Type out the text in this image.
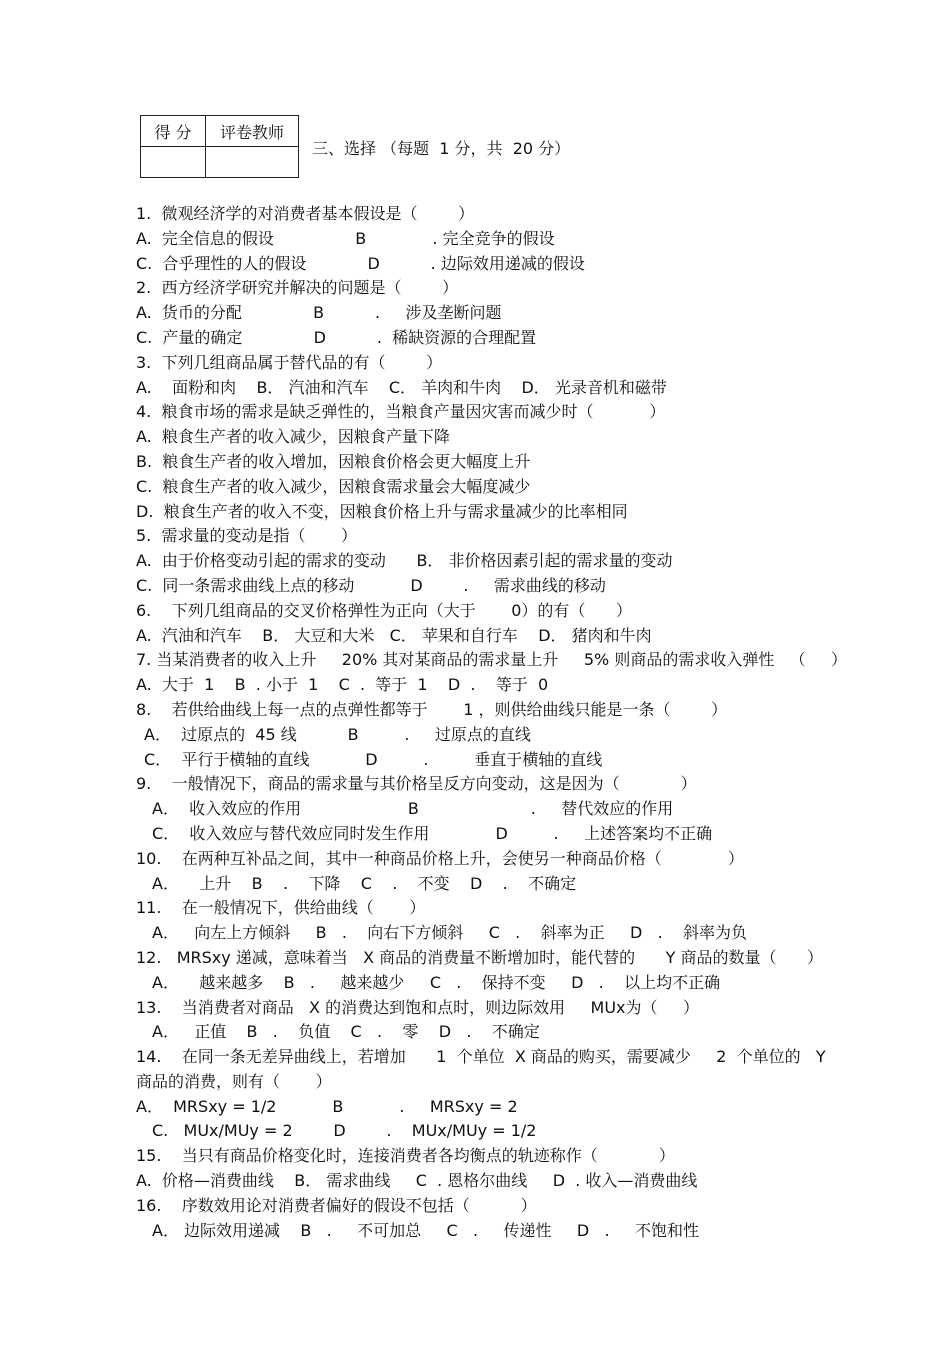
得 分	评卷教师

三、选择 （每题  1 分，共  20 分）
1.  微观经济学的对消费者基本假设是（        ）
A.  完全信息的假设                B             . 完全竞争的假设
C.  合乎理性的人的假设            D          . 边际效用递减的假设
2.  西方经济学研究并解决的问题是（        ）
A.  货币的分配              B          .     涉及垄断问题
C.  产量的确定              D          .  稀缺资源的合理配置
3.  下列几组商品属于替代品的有（        ）
A.    面粉和肉    B． 汽油和汽车    C． 羊肉和牛肉    D． 光录音机和磁带
4.  粮食市场的需求是缺乏弹性的，当粮食产量因灾害而减少时（           ）
A.  粮食生产者的收入减少，因粮食产量下降
B.  粮食生产者的收入增加，因粮食价格会更大幅度上升
C.  粮食生产者的收入减少，因粮食需求量会大幅度减少
D.  粮食生产者的收入不变，因粮食价格上升与需求量减少的比率相同
5.  需求量的变动是指（       ）
A.  由于价格变动引起的需求的变动      B． 非价格因素引起的需求量的变动
C.  同一条需求曲线上点的移动           D        .     需求曲线的移动
6.    下列几组商品的交叉价格弹性为正向（大于       0）的有（      ）
A.  汽油和汽车    B． 大豆和大米   C． 苹果和自行车    D． 猪肉和牛肉
7. 当某消费者的收入上升     20% 其对某商品的需求量上升     5% 则商品的需求收入弹性   （     ）
A.  大于  1    B  . 小于  1    C  .  等于  1    D  .    等于  0
8.    若供给曲线上每一点的点弹性都等于       1 ，则供给曲线只能是一条（        ）
A．  过原点的  45 线          B         .     过原点的直线
C．  平行于横轴的直线           D         .         垂直于横轴的直线
9.    一般情况下，商品的需求量与其价格呈反方向变动，这是因为（            ）
A．  收入效应的作用                     B                      .     替代效应的作用
C．  收入效应与替代效应同时发生作用             D         .     上述答案均不正确
10.    在两种互补品之间，其中一种商品价格上升，会使另一种商品价格（             ）
A．    上升    B    .    下降    C    .    不变    D    .    不确定
11.    在一般情况下，供给曲线（       ）
A．   向左上方倾斜     B   .    向右下方倾斜     C   .    斜率为正     D   .    斜率为负
12.   MRSxy 递减，意味着当   X 商品的消费量不断增加时，能代替的      Y 商品的数量（      ）
A．    越来越多    B   .     越来越少     C   .    保持不变     D   .    以上均不正确
13.    当消费者对商品   X 的消费达到饱和点时，则边际效用     MUx为（     ）
A．   正值    B   .    负值    C   .    零    D   .    不确定
14.    在同一条无差异曲线上，若增加      1  个单位  X 商品的购买，需要减少     2  个单位的   Y
商品的消费，则有（       ）
A．  MRSxy = 1/2           B           .     MRSxy = 2
C.   MUx/MUy = 2        D        .    MUx/MUy = 1/2
15.    当只有商品价格变化时，连接消费者各均衡点的轨迹称作（            ）
A.  价格—消费曲线    B． 需求曲线     C  . 恩格尔曲线     D  . 收入—消费曲线
16.    序数效用论对消费者偏好的假设不包括（          ）
A． 边际效用递减    B   .     不可加总     C   .     传递性     D   .     不饱和性
